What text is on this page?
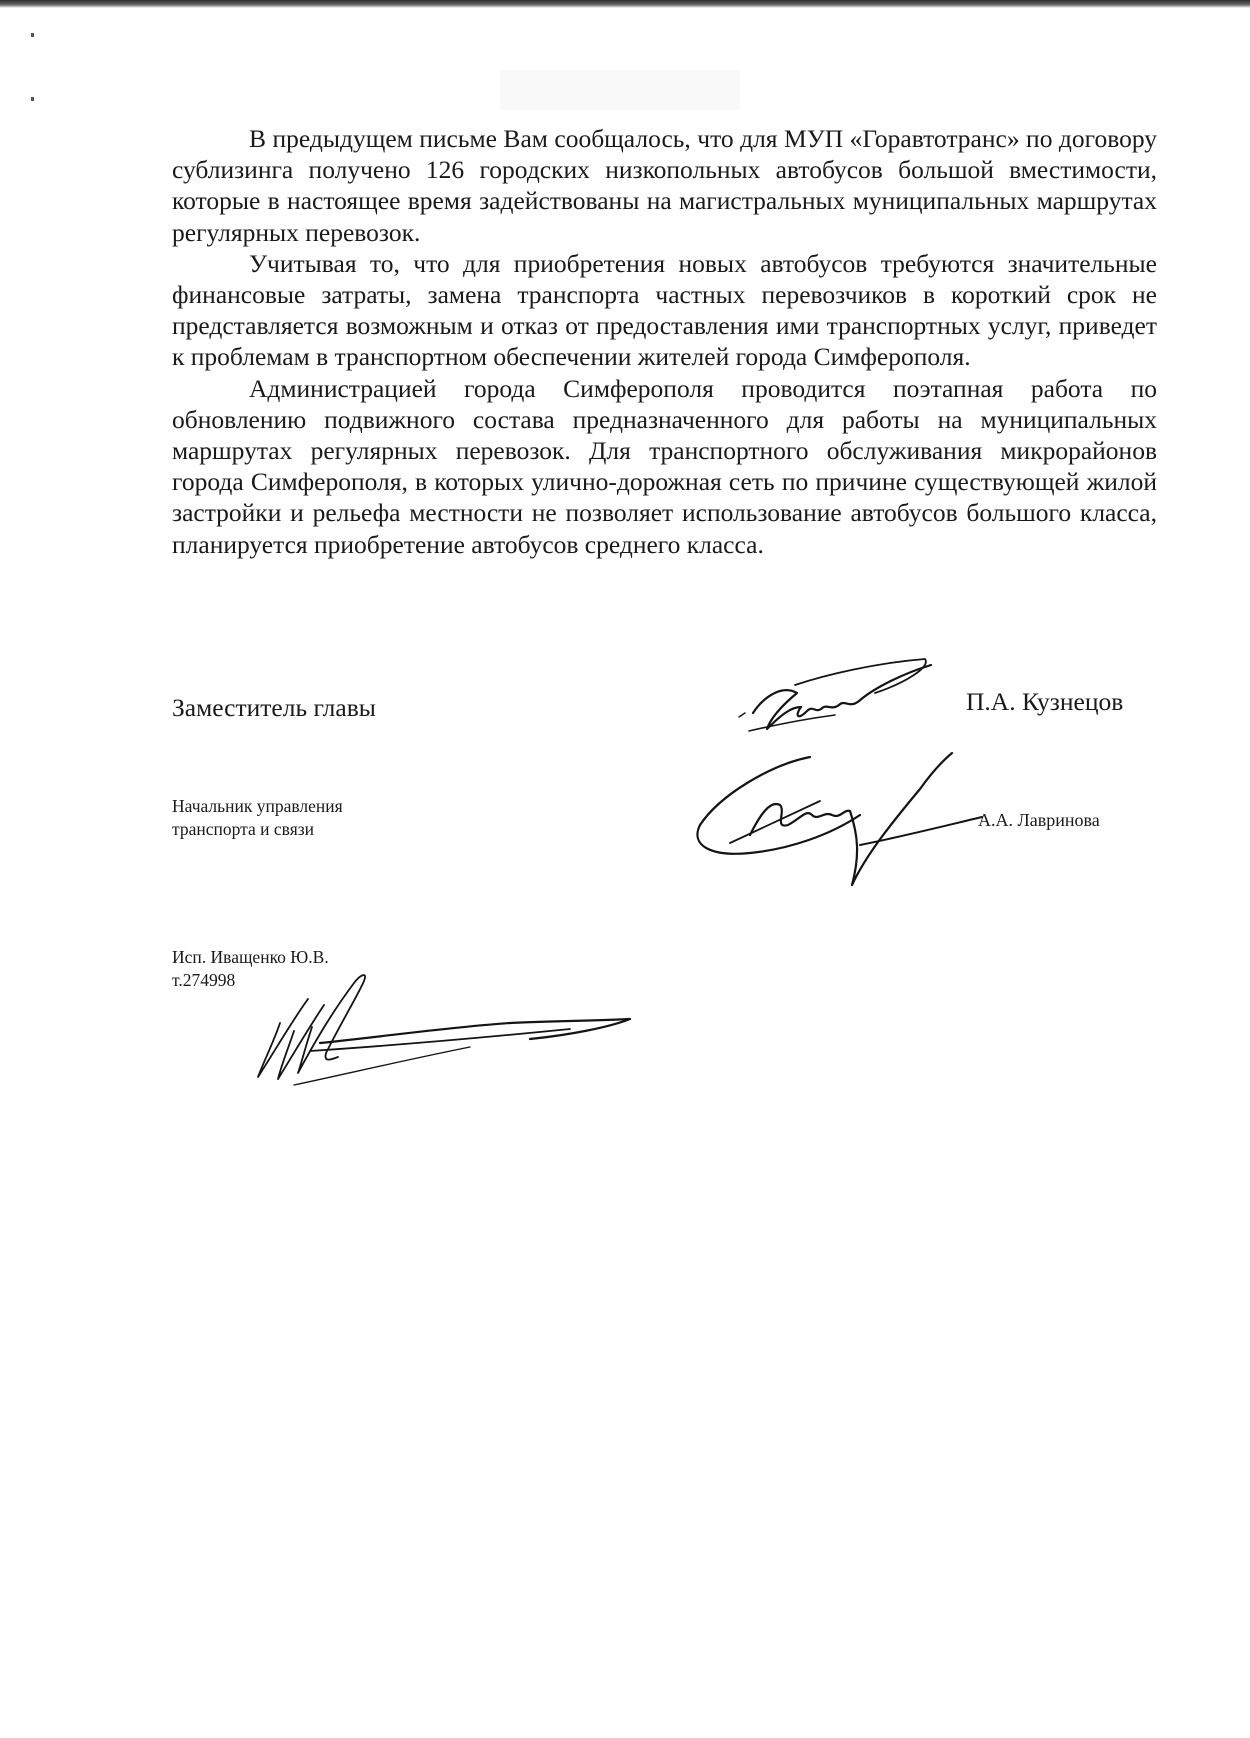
В предыдущем письме Вам сообщалось, что для МУП «Горавтотранс» по договору сублизинга получено 126 городских низкопольных автобусов большой вместимости, которые в настоящее время задействованы на магистральных муниципальных маршрутах регулярных перевозок.

Учитывая то, что для приобретения новых автобусов требуются значительные финансовые затраты, замена транспорта частных перевозчиков в короткий срок не представляется возможным и отказ от предоставления ими транспортных услуг, приведет к проблемам в транспортном обеспечении жителей города Симферополя.

Администрацией города Симферополя проводится поэтапная работа по обновлению подвижного состава предназначенного для работы на муниципальных маршрутах регулярных перевозок. Для транспортного обслуживания микрорайонов города Симферополя, в которых улично-дорожная сеть по причине существующей жилой застройки и рельефа местности не позволяет использование автобусов большого класса, планируется приобретение автобусов среднего класса.

Заместитель главы	П.А. Кузнецов
Начальник управления
транспорта и связи	А.А. Лавринова
Исп. Иващенко Ю.В.
т.274998
